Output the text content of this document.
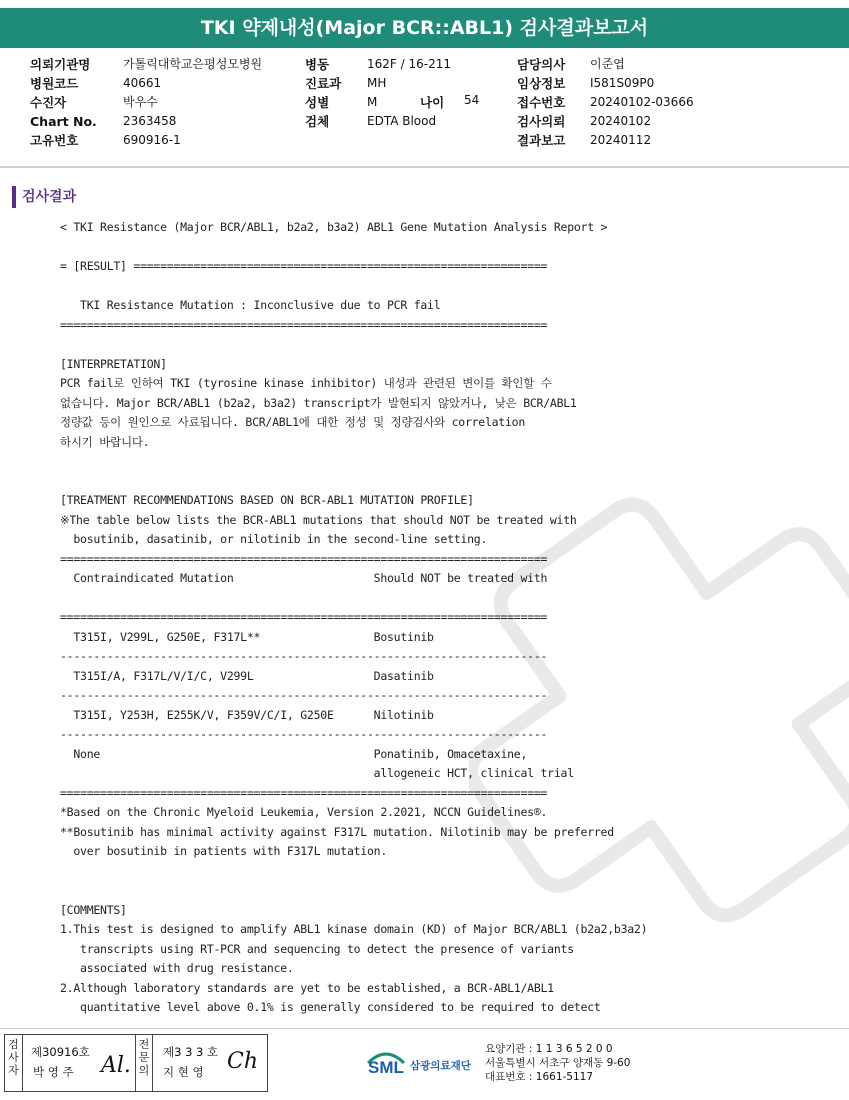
TKI 약제내성(Major BCR::ABL1) 검사결과보고서
의뢰기관명
병원코드
수진자
Chart No.
고유번호
가톨릭대학교은평성모병원
40661
박우수
2363458
690916-1
병동
진료과
성별
검체
162F / 16-211
MH
M
EDTA Blood
나이 54
담당의사
임상정보
접수번호
검사의뢰
결과보고
이준엽
I581S09P0
20240102-03666
20240102
20240112
검사결과
< TKI Resistance (Major BCR/ABL1, b2a2, b3a2) ABL1 Gene Mutation Analysis Report >

= [RESULT] ==============================================================

TKI Resistance Mutation : Inconclusive due to PCR fail
=========================================================================

[INTERPRETATION]
PCR fail로 인하여 TKI (tyrosine kinase inhibitor) 내성과 관련된 변이를 확인할 수
없습니다. Major BCR/ABL1 (b2a2, b3a2) transcript가 발현되지 않았거나, 낮은 BCR/ABL1
정량값 등이 원인으로 사료됩니다. BCR/ABL1에 대한 정성 및 정량검사와 correlation
하시기 바랍니다.

[TREATMENT RECOMMENDATIONS BASED ON BCR-ABL1 MUTATION PROFILE]
※The table below lists the BCR-ABL1 mutations that should NOT be treated with
bosutinib, dasatinib, or nilotinib in the second-line setting.
=========================================================================
Contraindicated Mutation                     Should NOT be treated with

=========================================================================
T315I, V299L, G250E, F317L**                 Bosutinib
-------------------------------------------------------------------------
T315I/A, F317L/V/I/C, V299L                  Dasatinib
-------------------------------------------------------------------------
T315I, Y253H, E255K/V, F359V/C/I, G250E      Nilotinib
-------------------------------------------------------------------------
None                                         Ponatinib, Omacetaxine,
allogeneic HCT, clinical trial
=========================================================================
*Based on the Chronic Myeloid Leukemia, Version 2.2021, NCCN Guidelines®.
**Bosutinib has minimal activity against F317L mutation. Nilotinib may be preferred
over bosutinib in patients with F317L mutation.

[COMMENTS]
1.This test is designed to amplify ABL1 kinase domain (KD) of Major BCR/ABL1 (b2a2,b3a2)
transcripts using RT-PCR and sequencing to detect the presence of variants
associated with drug resistance.
2.Although laboratory standards are yet to be established, a BCR-ABL1/ABL1
quantitative level above 0.1% is generally considered to be required to detect
검
사
자
제30916호
박 영 주 Al.
전
문
의
제3 3 3 호
지 현 영 Ch	SML 삼광의료재단
요양기관 : 1 1 3 6 5 2 0 0
서울특별시 서초구 양재동 9-60
대표번호 : 1661-5117
